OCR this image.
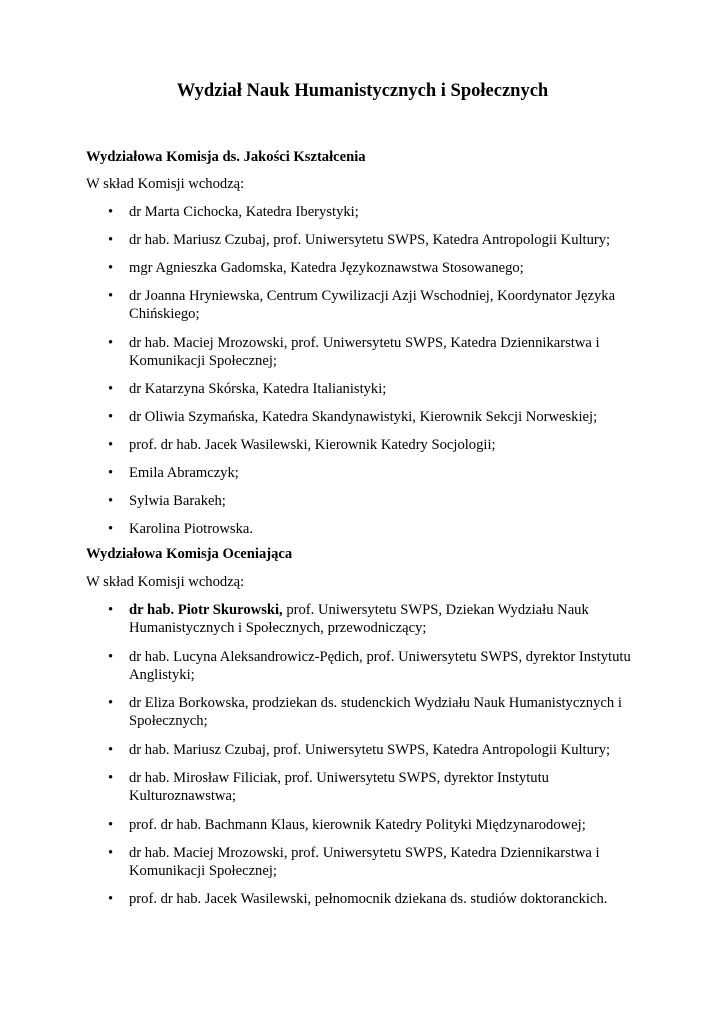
Wydział Nauk Humanistycznych i Społecznych
Wydziałowa Komisja ds. Jakości Kształcenia

W skład Komisji wchodzą:

• dr Marta Cichocka, Katedra Iberystyki;
• dr hab. Mariusz Czubaj, prof. Uniwersytetu SWPS, Katedra Antropologii Kultury;
• mgr Agnieszka Gadomska, Katedra Językoznawstwa Stosowanego;
• dr Joanna Hryniewska, Centrum Cywilizacji Azji Wschodniej, Koordynator Języka Chińskiego;
• dr hab. Maciej Mrozowski, prof. Uniwersytetu SWPS, Katedra Dziennikarstwa i Komunikacji Społecznej;
• dr Katarzyna Skórska, Katedra Italianistyki;
• dr Oliwia Szymańska, Katedra Skandynawistyki, Kierownik Sekcji Norweskiej;
• prof. dr hab. Jacek Wasilewski, Kierownik Katedry Socjologii;
• Emila Abramczyk;
• Sylwia Barakeh;
• Karolina Piotrowska.
Wydziałowa Komisja Oceniająca

W skład Komisji wchodzą:

• dr hab. Piotr Skurowski, prof. Uniwersytetu SWPS, Dziekan Wydziału Nauk Humanistycznych i Społecznych, przewodniczący;
• dr hab. Lucyna Aleksandrowicz-Pędich, prof. Uniwersytetu SWPS, dyrektor Instytutu Anglistyki;
• dr Eliza Borkowska, prodziekan ds. studenckich Wydziału Nauk Humanistycznych i Społecznych;
• dr hab. Mariusz Czubaj, prof. Uniwersytetu SWPS, Katedra Antropologii Kultury;
• dr hab. Mirosław Filiciak, prof. Uniwersytetu SWPS, dyrektor Instytutu Kulturoznawstwa;
• prof. dr hab. Bachmann Klaus, kierownik Katedry Polityki Międzynarodowej;
• dr hab. Maciej Mrozowski, prof. Uniwersytetu SWPS, Katedra Dziennikarstwa i Komunikacji Społecznej;
• prof. dr hab. Jacek Wasilewski, pełnomocnik dziekana ds. studiów doktoranckich.
